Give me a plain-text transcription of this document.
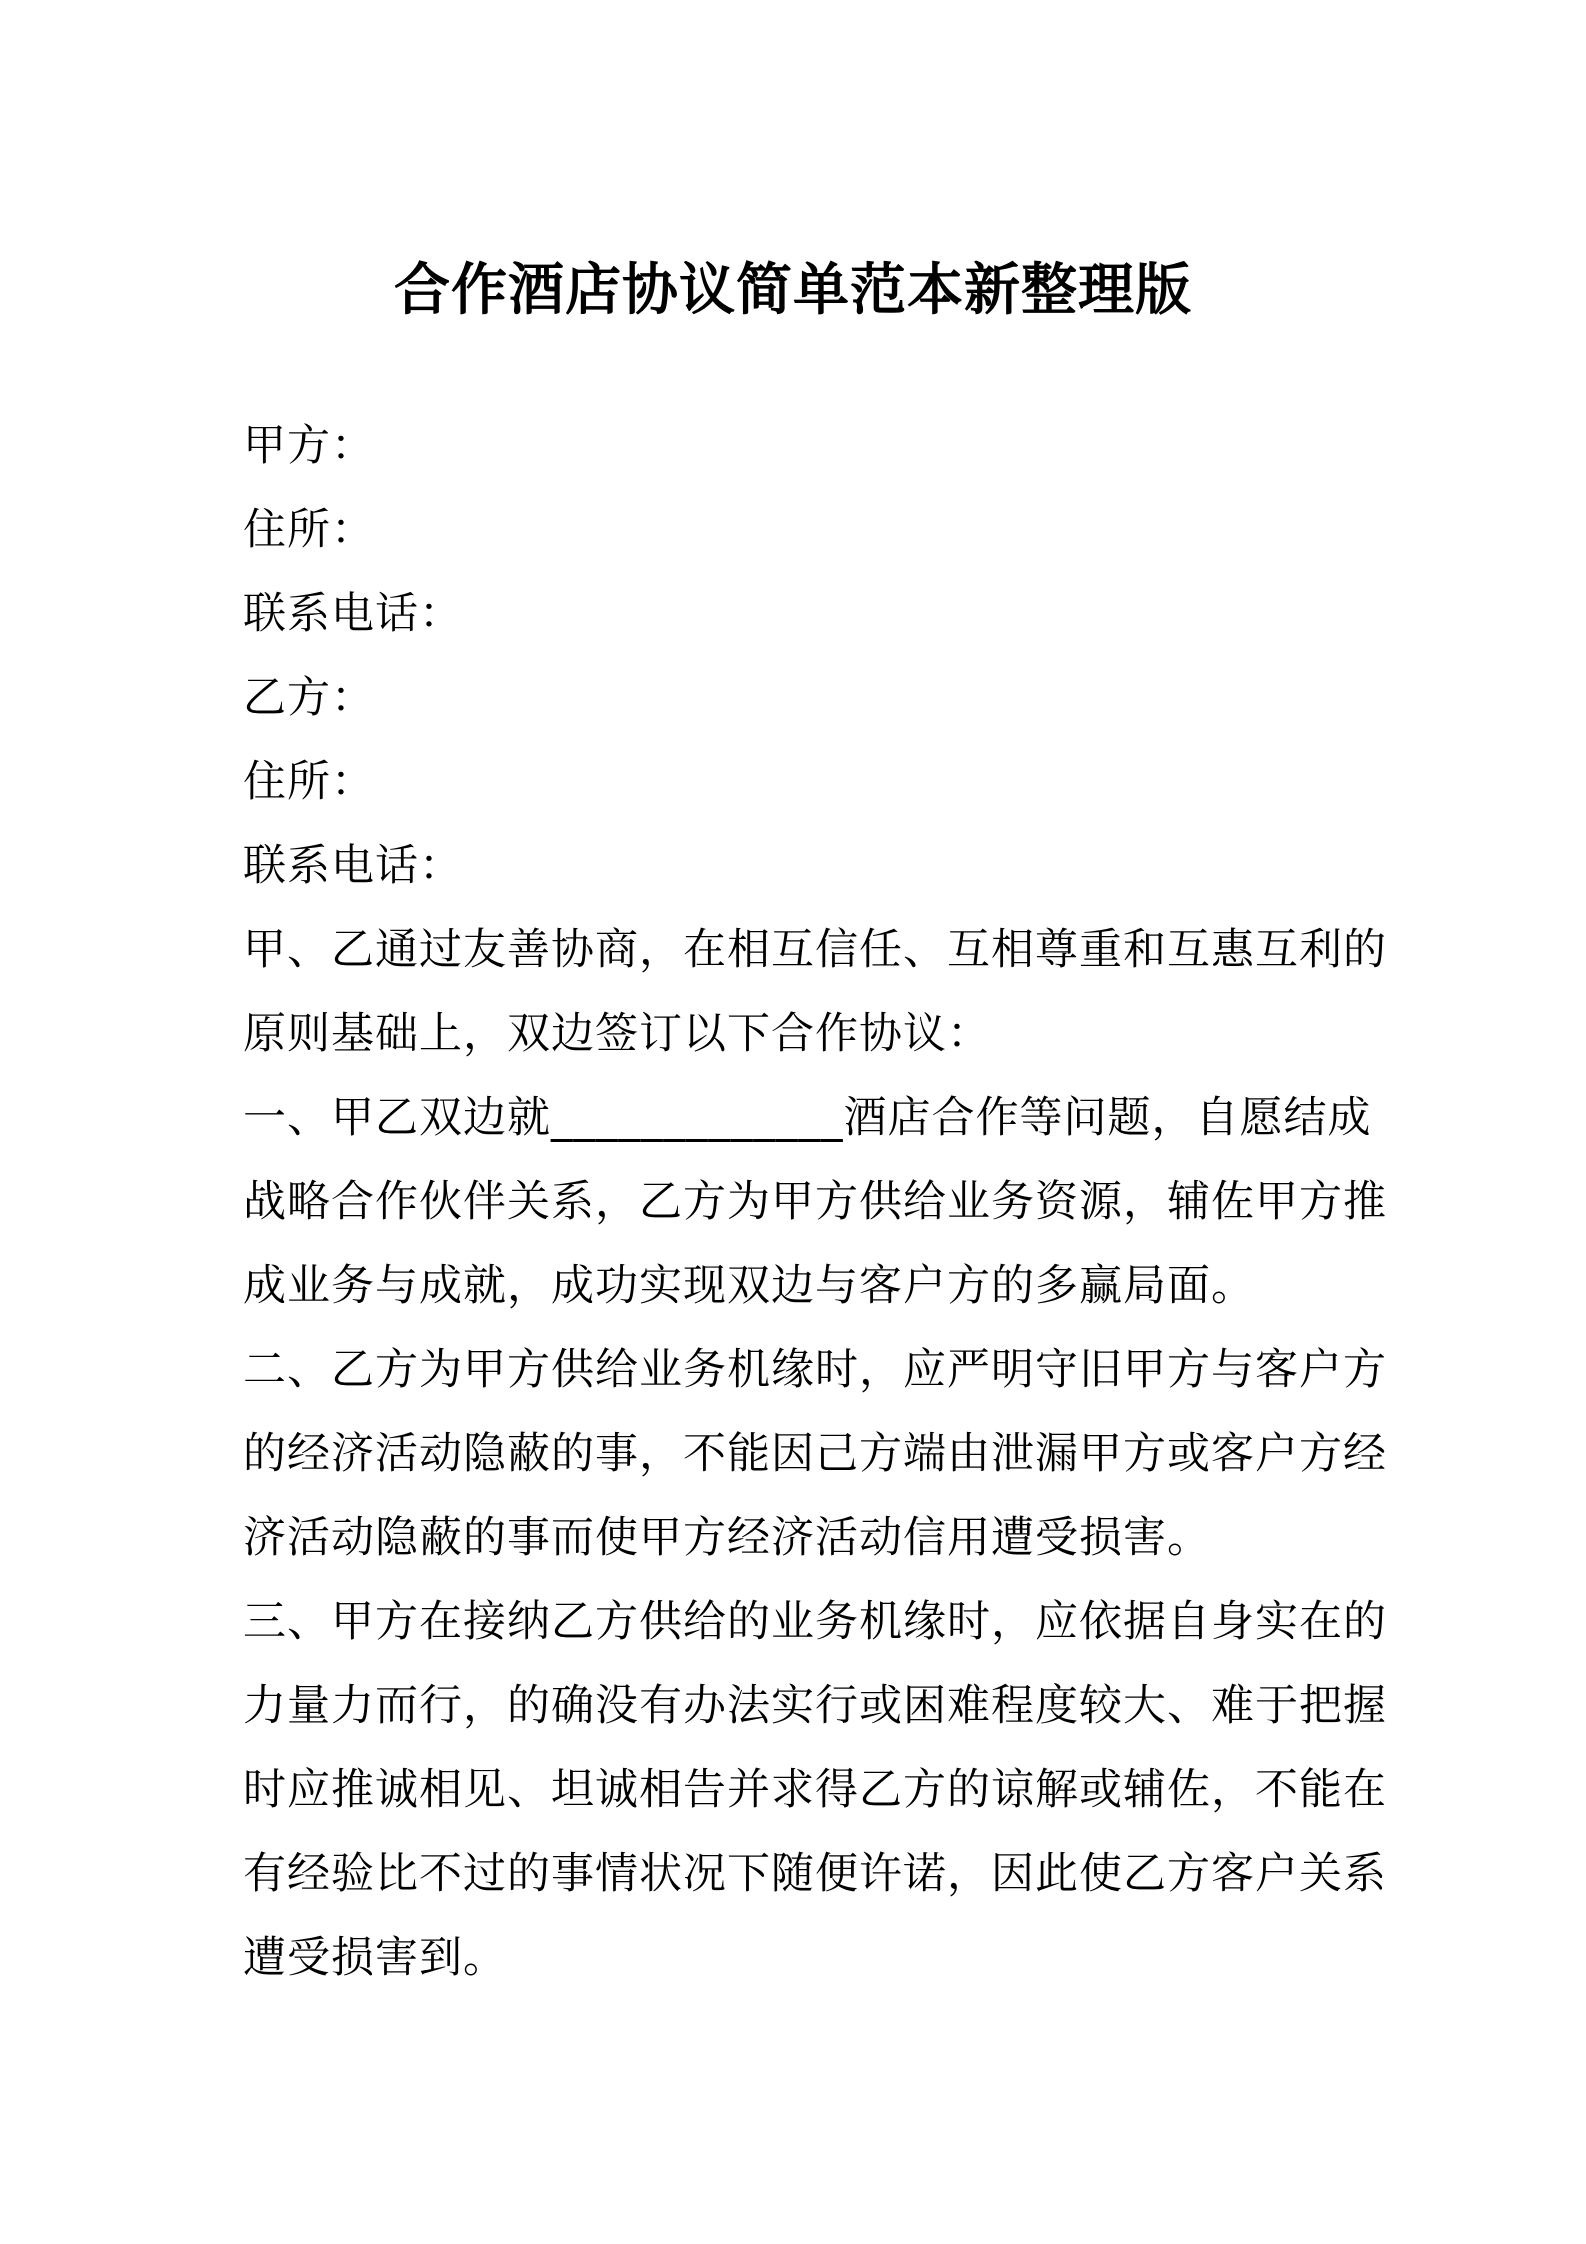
合作酒店协议简单范本新整理版
甲方：
住所：
联系电话：
乙方：
住所：
联系电话：
甲、乙通过友善协商，在相互信任、互相尊重和互惠互利的
原则基础上，双边签订以下合作协议：
一、甲乙双边就_____________酒店合作等问题，自愿结成
战略合作伙伴关系，乙方为甲方供给业务资源，辅佐甲方推
成业务与成就，成功实现双边与客户方的多赢局面。
二、乙方为甲方供给业务机缘时，应严明守旧甲方与客户方
的经济活动隐蔽的事，不能因己方端由泄漏甲方或客户方经
济活动隐蔽的事而使甲方经济活动信用遭受损害。
三、甲方在接纳乙方供给的业务机缘时，应依据自身实在的
力量力而行，的确没有办法实行或困难程度较大、难于把握
时应推诚相见、坦诚相告并求得乙方的谅解或辅佐，不能在
有经验比不过的事情状况下随便许诺，因此使乙方客户关系
遭受损害到。
